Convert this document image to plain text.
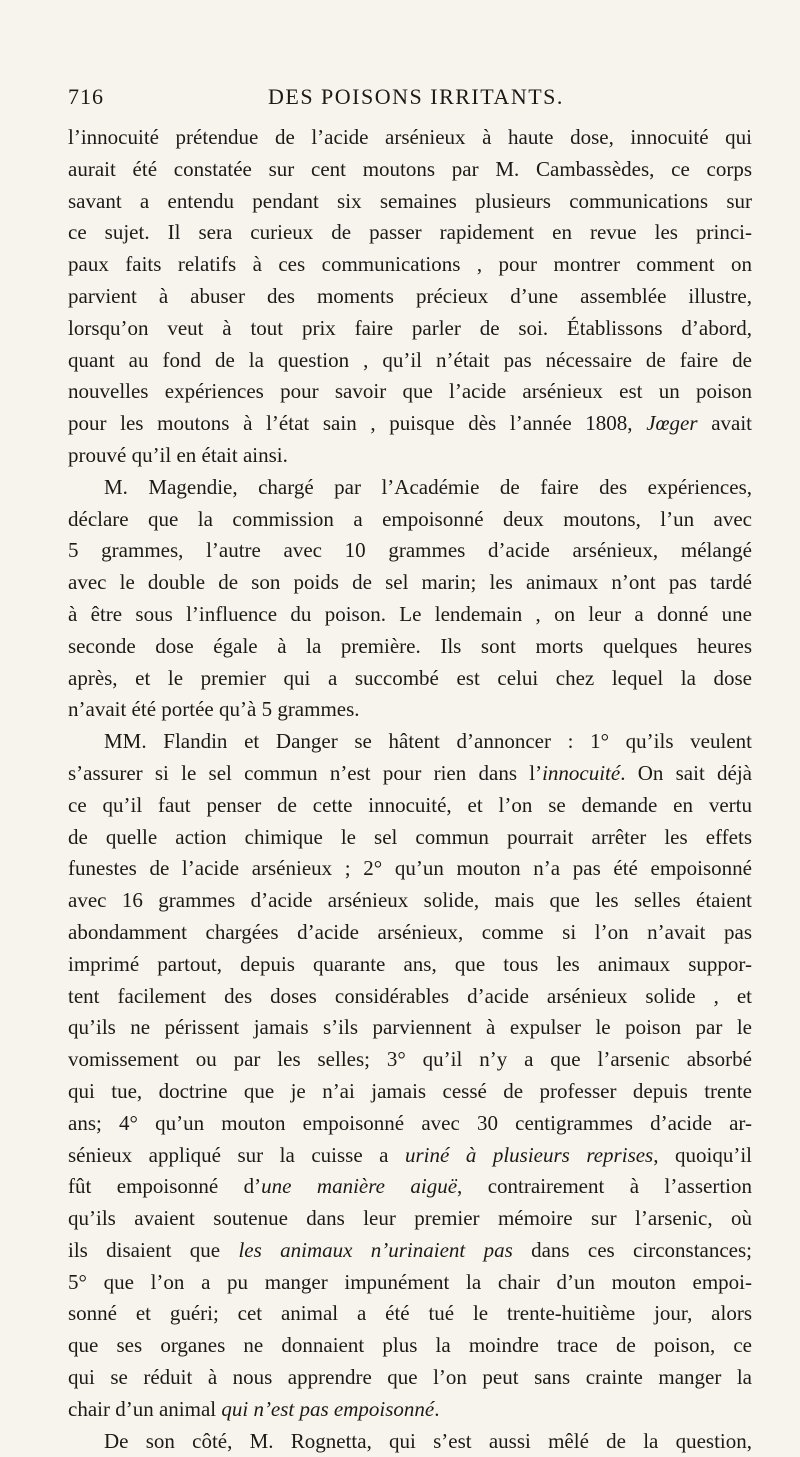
716	DES POISONS IRRITANTS.
l’innocuité prétendue de l’acide arsénieux à haute dose, innocuité qui
aurait été constatée sur cent moutons par M. Cambassèdes, ce corps
savant a entendu pendant six semaines plusieurs communications sur
ce sujet. Il sera curieux de passer rapidement en revue les princi-
paux faits relatifs à ces communications , pour montrer comment on
parvient à abuser des moments précieux d’une assemblée illustre,
lorsqu’on veut à tout prix faire parler de soi. Établissons d’abord,
quant au fond de la question , qu’il n’était pas nécessaire de faire de
nouvelles expériences pour savoir que l’acide arsénieux est un poison
pour les moutons à l’état sain , puisque dès l’année 1808, Jœger avait
prouvé qu’il en était ainsi.
M. Magendie, chargé par l’Académie de faire des expériences,
déclare que la commission a empoisonné deux moutons, l’un avec
5 grammes, l’autre avec 10 grammes d’acide arsénieux, mélangé
avec le double de son poids de sel marin; les animaux n’ont pas tardé
à être sous l’influence du poison. Le lendemain , on leur a donné une
seconde dose égale à la première. Ils sont morts quelques heures
après, et le premier qui a succombé est celui chez lequel la dose
n’avait été portée qu’à 5 grammes.
MM. Flandin et Danger se hâtent d’annoncer : 1° qu’ils veulent
s’assurer si le sel commun n’est pour rien dans l’innocuité. On sait déjà
ce qu’il faut penser de cette innocuité, et l’on se demande en vertu
de quelle action chimique le sel commun pourrait arrêter les effets
funestes de l’acide arsénieux ; 2° qu’un mouton n’a pas été empoisonné
avec 16 grammes d’acide arsénieux solide, mais que les selles étaient
abondamment chargées d’acide arsénieux, comme si l’on n’avait pas
imprimé partout, depuis quarante ans, que tous les animaux suppor-
tent facilement des doses considérables d’acide arsénieux solide , et
qu’ils ne périssent jamais s’ils parviennent à expulser le poison par le
vomissement ou par les selles; 3° qu’il n’y a que l’arsenic absorbé
qui tue, doctrine que je n’ai jamais cessé de professer depuis trente
ans; 4° qu’un mouton empoisonné avec 30 centigrammes d’acide ar-
sénieux appliqué sur la cuisse a uriné à plusieurs reprises, quoiqu’il
fût empoisonné d’une manière aiguë, contrairement à l’assertion
qu’ils avaient soutenue dans leur premier mémoire sur l’arsenic, où
ils disaient que les animaux n’urinaient pas dans ces circonstances;
5° que l’on a pu manger impunément la chair d’un mouton empoi-
sonné et guéri; cet animal a été tué le trente-huitième jour, alors
que ses organes ne donnaient plus la moindre trace de poison, ce
qui se réduit à nous apprendre que l’on peut sans crainte manger la
chair d’un animal qui n’est pas empoisonné.
De son côté, M. Rognetta, qui s’est aussi mêlé de la question,
